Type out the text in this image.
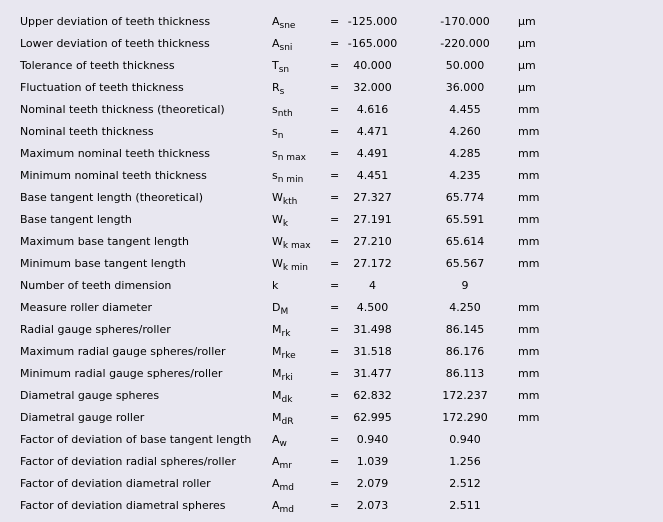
Upper deviation of teeth thickness	$A_{sne}$	= -125.000	-170.000	μm
Lower deviation of teeth thickness	$A_{sni}$	= -165.000	-220.000	μm
Tolerance of teeth thickness	$T_{sn}$	=	40.000	50.000	μm
Fluctuation of teeth thickness	$R_s$	=	32.000	36.000	μm
Nominal teeth thickness (theoretical)	$s_{nth}$	=	4.616	4.455	mm
Nominal teeth thickness	$s_n$	=	4.471	4.260	mm
Maximum nominal teeth thickness	$s_{n max}$ =	4.491	4.285	mm
Minimum nominal teeth thickness	$s_{n min}$ =	4.451	4.235	mm
Base tangent length (theoretical)	$W_{kth}$	=	27.327	65.774	mm
Base tangent length	$W_k$	=	27.191	65.591	mm
Maximum base tangent length	$W_{k max}$ =	27.210	65.614	mm
Minimum base tangent length	$W_{k min}$ =	27.172	65.567	mm
Number of teeth dimension	k	=	4	9
Measure roller diameter	$D_M$	=	4.500	4.250	mm
Radial gauge spheres/roller	$M_{rk}$	=	31.498	86.145	mm
Maximum radial gauge spheres/roller	$M_{rke}$	=	31.518	86.176	mm
Minimum radial gauge spheres/roller	$M_{rki}$	=	31.477	86.113	mm
Diametral gauge spheres	$M_{dk}$	=	62.832	172.237	mm
Diametral gauge roller	$M_{dR}$	=	62.995	172.290	mm
Factor of deviation of base tangent length $A_w$	=	0.940	0.940
Factor of deviation radial spheres/roller	$A_{mr}$	=	1.039	1.256
Factor of deviation diametral roller	$A_{md}$	=	2.079	2.512
Factor of deviation diametral spheres	$A_{md}$	=	2.073	2.511
